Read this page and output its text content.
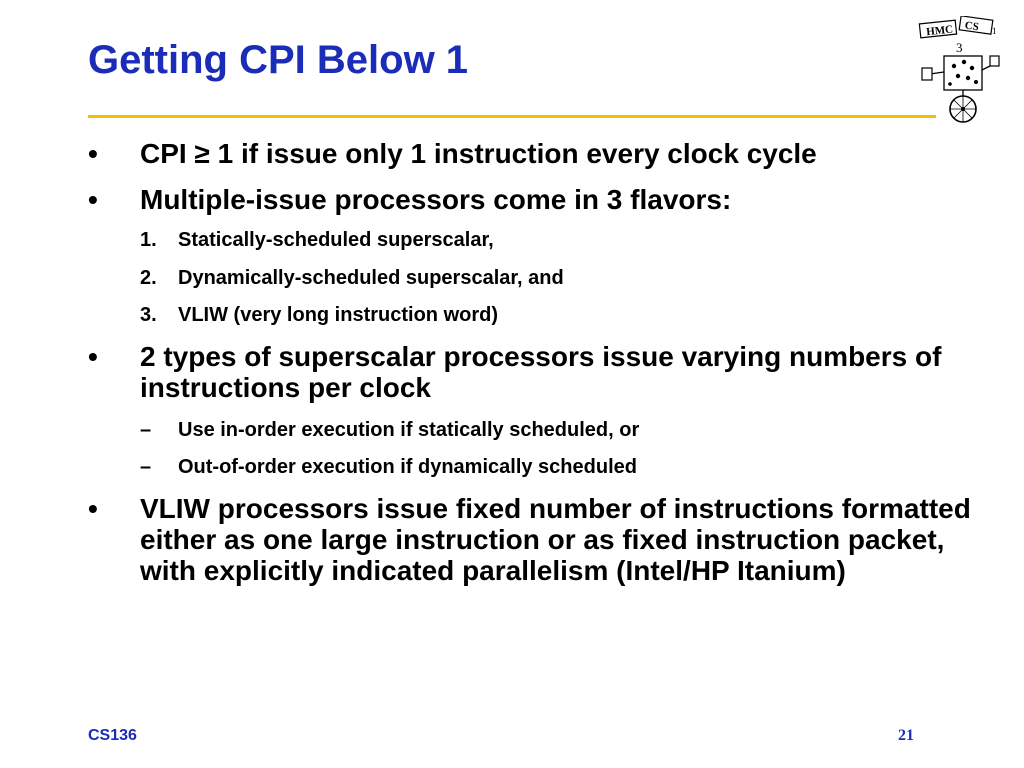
Getting CPI Below 1
HMC CS 1
3
•	CPI ≥ 1 if issue only 1 instruction every clock cycle
•	Multiple-issue processors come in 3 flavors:
1. Statically-scheduled superscalar,
2. Dynamically-scheduled superscalar, and
3. VLIW (very long instruction word)
•	2 types of superscalar processors issue varying numbers of instructions per clock
– Use in-order execution if statically scheduled, or
– Out-of-order execution if dynamically scheduled
•	VLIW processors issue fixed number of instructions formatted either as one large instruction or as fixed instruction packet, with explicitly indicated parallelism (Intel/HP Itanium)
CS136	21
